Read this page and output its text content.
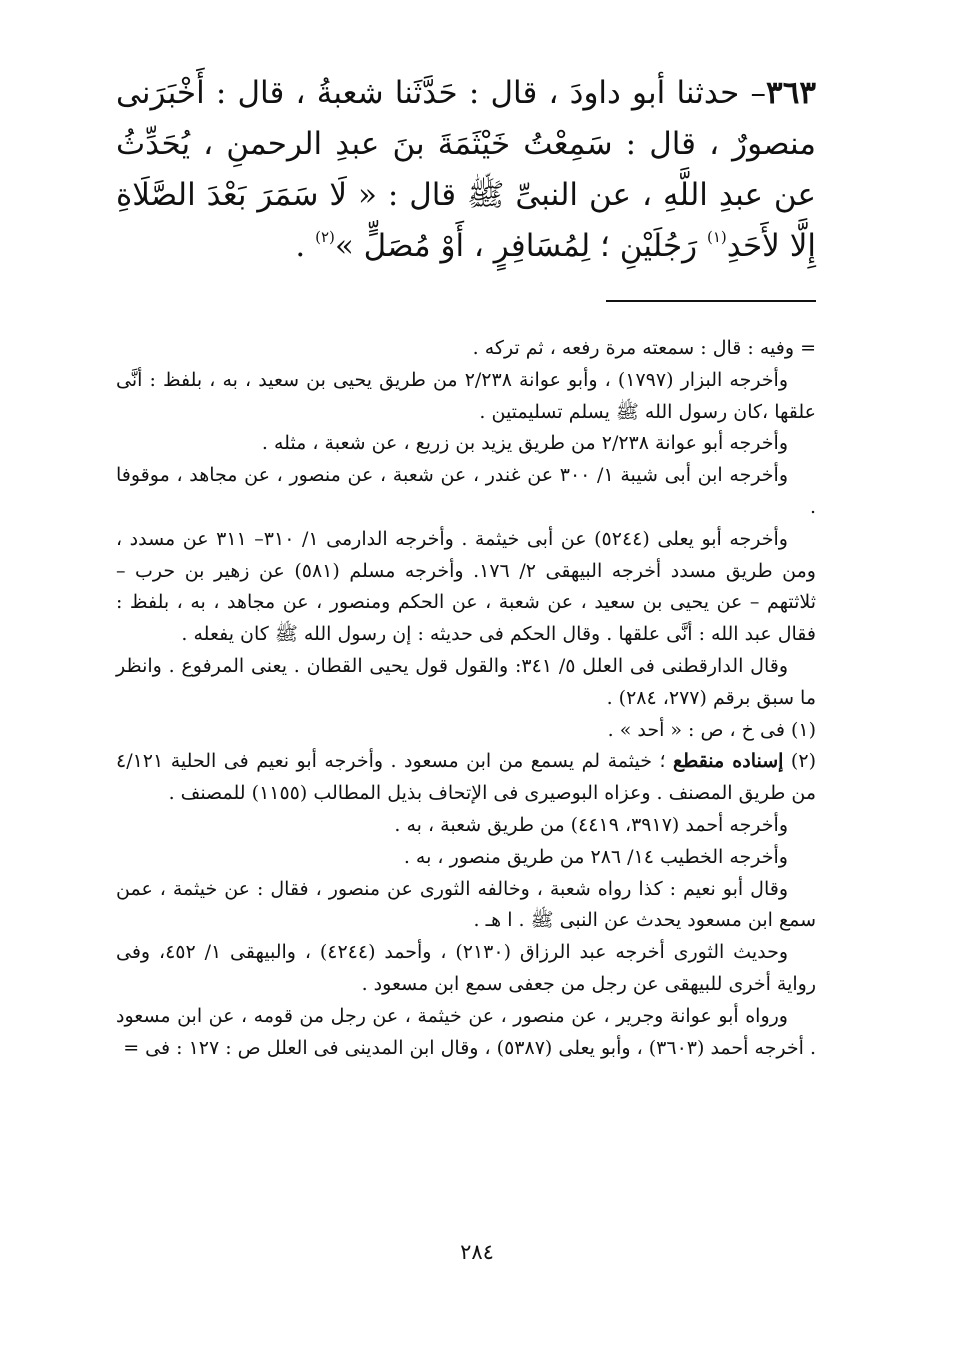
٣٦٣– حدثنا أبو داودَ ، قال : حَدَّثَنا شعبةُ ، قال : أَخْبَرَنى منصورٌ ، قال : سَمِعْتُ خَيْثَمَةَ بنَ عبدِ الرحمنِ ، يُحَدِّثُ عن عبدِ اللَّهِ ، عن النبىِّ ﷺ قال : « لَا سَمَرَ بَعْدَ الصَّلَاةِ إِلَّا لأَحَدِ$^{(١)}$ رَجُلَيْنِ ؛ لِمُسَافِرٍ ، أَوْ مُصَلٍّ »$^{(٢)}$ .

= وفيه : قال : سمعته مرة رفعه ، ثم تركه .

وأخرجه البزار (١٧٩٧) ، وأبو عوانة ٢/٢٣٨ من طريق يحيى بن سعيد ، به ، بلفظ : أنَّى علقها ،كان رسول الله ﷺ يسلم تسليمتين .

وأخرجه أبو عوانة ٢/٢٣٨ من طريق يزيد بن زريع ، عن شعبة ، مثله .

وأخرجه ابن أبى شيبة ١/ ٣٠٠ عن غندر ، عن شعبة ، عن منصور ، عن مجاهد ، موقوفا .

وأخرجه أبو يعلى (٥٢٤٤) عن أبى خيثمة . وأخرجه الدارمى ١/ ٣١٠– ٣١١ عن مسدد ، ومن طريق مسدد أخرجه البيهقى ٢/ ١٧٦. وأخرجه مسلم (٥٨١) عن زهير بن حرب – ثلاثتهم – عن يحيى بن سعيد ، عن شعبة ، عن الحكم ومنصور ، عن مجاهد ، به ، بلفظ : فقال عبد الله : أنَّى علقها . وقال الحكم فى حديثه : إن رسول الله ﷺ كان يفعله .

وقال الدارقطنى فى العلل ٥/ ٣٤١: والقول قول يحيى القطان . يعنى المرفوع . وانظر ما سبق برقم (٢٧٧، ٢٨٤) .

(١) فى خ ، ص : « أحد » .

(٢) إسناده منقطع ؛ خيثمة لم يسمع من ابن مسعود . وأخرجه أبو نعيم فى الحلية ٤/١٢١ من طريق المصنف . وعزاه البوصيرى فى الإتحاف بذيل المطالب (١١٥٥) للمصنف .

وأخرجه أحمد (٣٩١٧، ٤٤١٩) من طريق شعبة ، به .

وأخرجه الخطيب ١٤/ ٢٨٦ من طريق منصور ، به .

وقال أبو نعيم : كذا رواه شعبة ، وخالفه الثورى عن منصور ، فقال : عن خيثمة ، عمن سمع ابن مسعود يحدث عن النبى ﷺ . ا هـ .

وحديث الثورى أخرجه عبد الرزاق (٢١٣٠) ، وأحمد (٤٢٤٤) ، والبيهقى ١/ ٤٥٢، وفى رواية أخرى للبيهقى عن رجل من جعفى سمع ابن مسعود .

ورواه أبو عوانة وجرير ، عن منصور ، عن خيثمة ، عن رجل من قومه ، عن ابن مسعود . أخرجه أحمد (٣٦٠٣) ، وأبو يعلى (٥٣٨٧) ، وقال ابن المدينى فى العلل ص : ١٢٧ : فى =

٢٨٤
